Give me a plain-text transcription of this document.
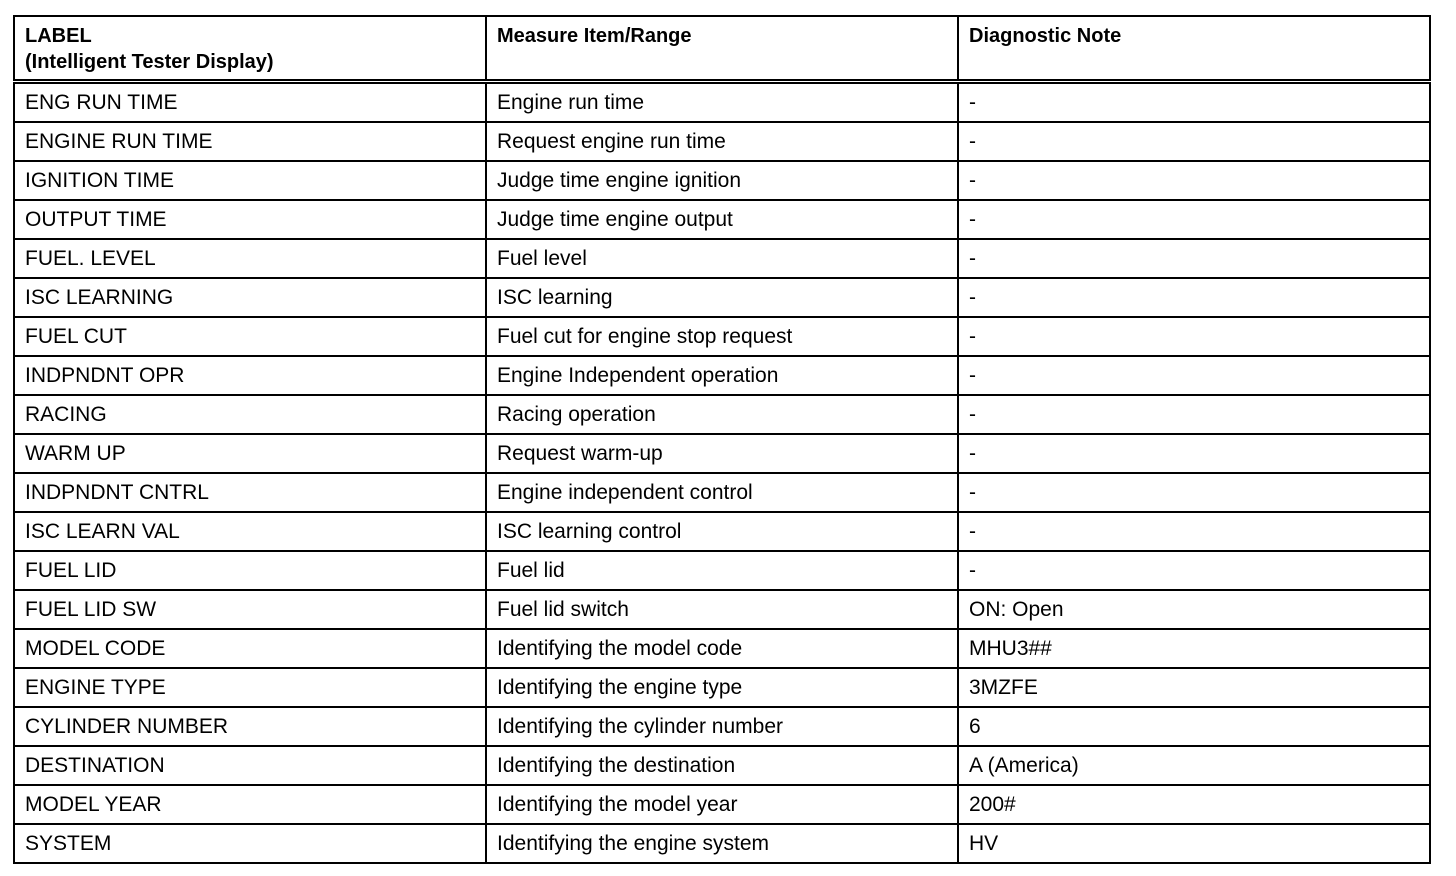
LABEL
(Intelligent Tester Display)	Measure Item/Range	Diagnostic Note
ENG RUN TIME	Engine run time	-
ENGINE RUN TIME	Request engine run time	-
IGNITION TIME	Judge time engine ignition	-
OUTPUT TIME	Judge time engine output	-
FUEL. LEVEL	Fuel level	-
ISC LEARNING	ISC learning	-
FUEL CUT	Fuel cut for engine stop request	-
INDPNDNT OPR	Engine Independent operation	-
RACING	Racing operation	-
WARM UP	Request warm-up	-
INDPNDNT CNTRL	Engine independent control	-
ISC LEARN VAL	ISC learning control	-
FUEL LID	Fuel lid	-
FUEL LID SW	Fuel lid switch	ON: Open
MODEL CODE	Identifying the model code	MHU3##
ENGINE TYPE	Identifying the engine type	3MZFE
CYLINDER NUMBER	Identifying the cylinder number	6
DESTINATION	Identifying the destination	A (America)
MODEL YEAR	Identifying the model year	200#
SYSTEM	Identifying the engine system	HV
